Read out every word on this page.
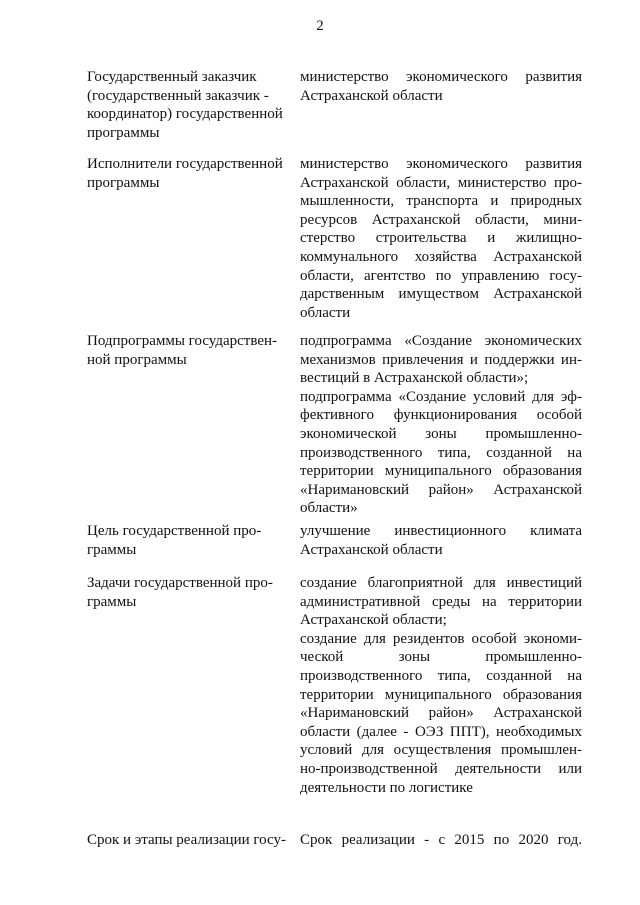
2
Государственный заказчик
(государственный заказчик -
координатор) государственной
программы
министерство экономического развития
Астраханской области
Исполнители государственной
программы
министерство экономического развития
Астраханской области, министерство про-
мышленности, транспорта и природных
ресурсов Астраханской области, мини-
стерство строительства и жилищно-
коммунального хозяйства Астраханской
области, агентство по управлению госу-
дарственным имуществом Астраханской
области
Подпрограммы государствен-
ной программы
подпрограмма «Создание экономических
механизмов привлечения и поддержки ин-
вестиций в Астраханской области»;
подпрограмма «Создание условий для эф-
фективного функционирования особой
экономической зоны промышленно-
производственного типа, созданной на
территории муниципального образования
«Наримановский район» Астраханской
области»
Цель государственной про-
граммы
улучшение инвестиционного климата
Астраханской области
Задачи государственной про-
граммы
создание благоприятной для инвестиций
административной среды на территории
Астраханской области;
создание для резидентов особой экономи-
ческой зоны промышленно-
производственного типа, созданной на
территории муниципального образования
«Наримановский район» Астраханской
области (далее - ОЭЗ ППТ), необходимых
условий для осуществления промышлен-
но-производственной деятельности или
деятельности по логистике
Срок и этапы реализации госу- Срок реализации - с 2015 по 2020 год.
